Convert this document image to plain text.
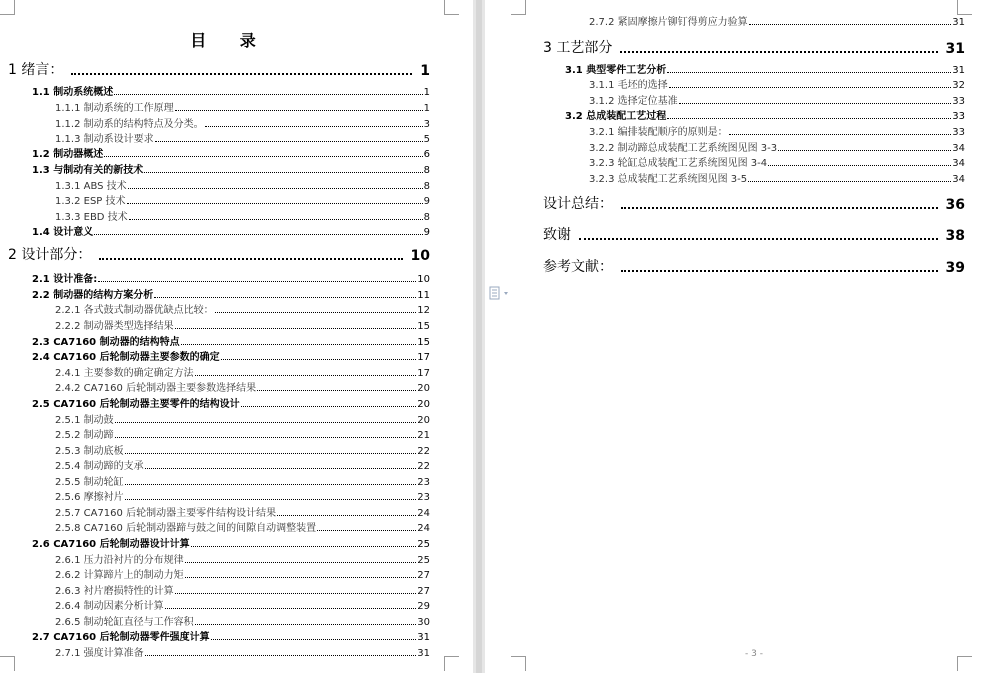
目 录
1 绪言：	1
1.1 制动系统概述	1
1.1.1 制动系统的工作原理	1
1.1.2 制动系的结构特点及分类。	3
1.1.3 制动系设计要求	5
1.2 制动器概述	6
1.3 与制动有关的新技术	8
1.3.1 ABS 技术	8
1.3.2 ESP 技术	9
1.3.3 EBD 技术	8
1.4 设计意义	9
2 设计部分：	10
2.1 设计准备:	10
2.2 制动器的结构方案分析	11
2.2.1 各式鼓式制动器优缺点比较：	12
2.2.2 制动器类型选择结果	15
2.3 CA7160 制动器的结构特点	15
2.4 CA7160 后轮制动器主要参数的确定	17
2.4.1 主要参数的确定确定方法	17
2.4.2 CA7160 后轮制动器主要参数选择结果	20
2.5 CA7160 后轮制动器主要零件的结构设计	20
2.5.1 制动鼓	20
2.5.2 制动蹄	21
2.5.3 制动底板	22
2.5.4 制动蹄的支承	22
2.5.5 制动轮缸	23
2.5.6 摩擦衬片	23
2.5.7 CA7160 后轮制动器主要零件结构设计结果	24
2.5.8 CA7160 后轮制动器蹄与鼓之间的间隙自动调整装置	24
2.6 CA7160 后轮制动器设计计算	25
2.6.1 压力沿衬片的分布规律	25
2.6.2 计算蹄片上的制动力矩	27
2.6.3 衬片磨损特性的计算	27
2.6.4 制动因素分析计算	29
2.6.5 制动轮缸直径与工作容积	30
2.7 CA7160 后轮制动器零件强度计算	31
2.7.1 强度计算准备	31
2.7.2 紧固摩擦片铆钉得剪应力验算	31
3 工艺部分	31
3.1 典型零件工艺分析	31
3.1.1 毛坯的选择	32
3.1.2 选择定位基准	33
3.2 总成装配工艺过程	33
3.2.1 编排装配顺序的原则是：	33
3.2.2 制动蹄总成装配工艺系统图见图 3-3	34
3.2.3 轮缸总成装配工艺系统图见图 3-4	34
3.2.3 总成装配工艺系统图见图 3-5	34
设计总结：	36
致谢	38
参考文献：	39
- 3 -
